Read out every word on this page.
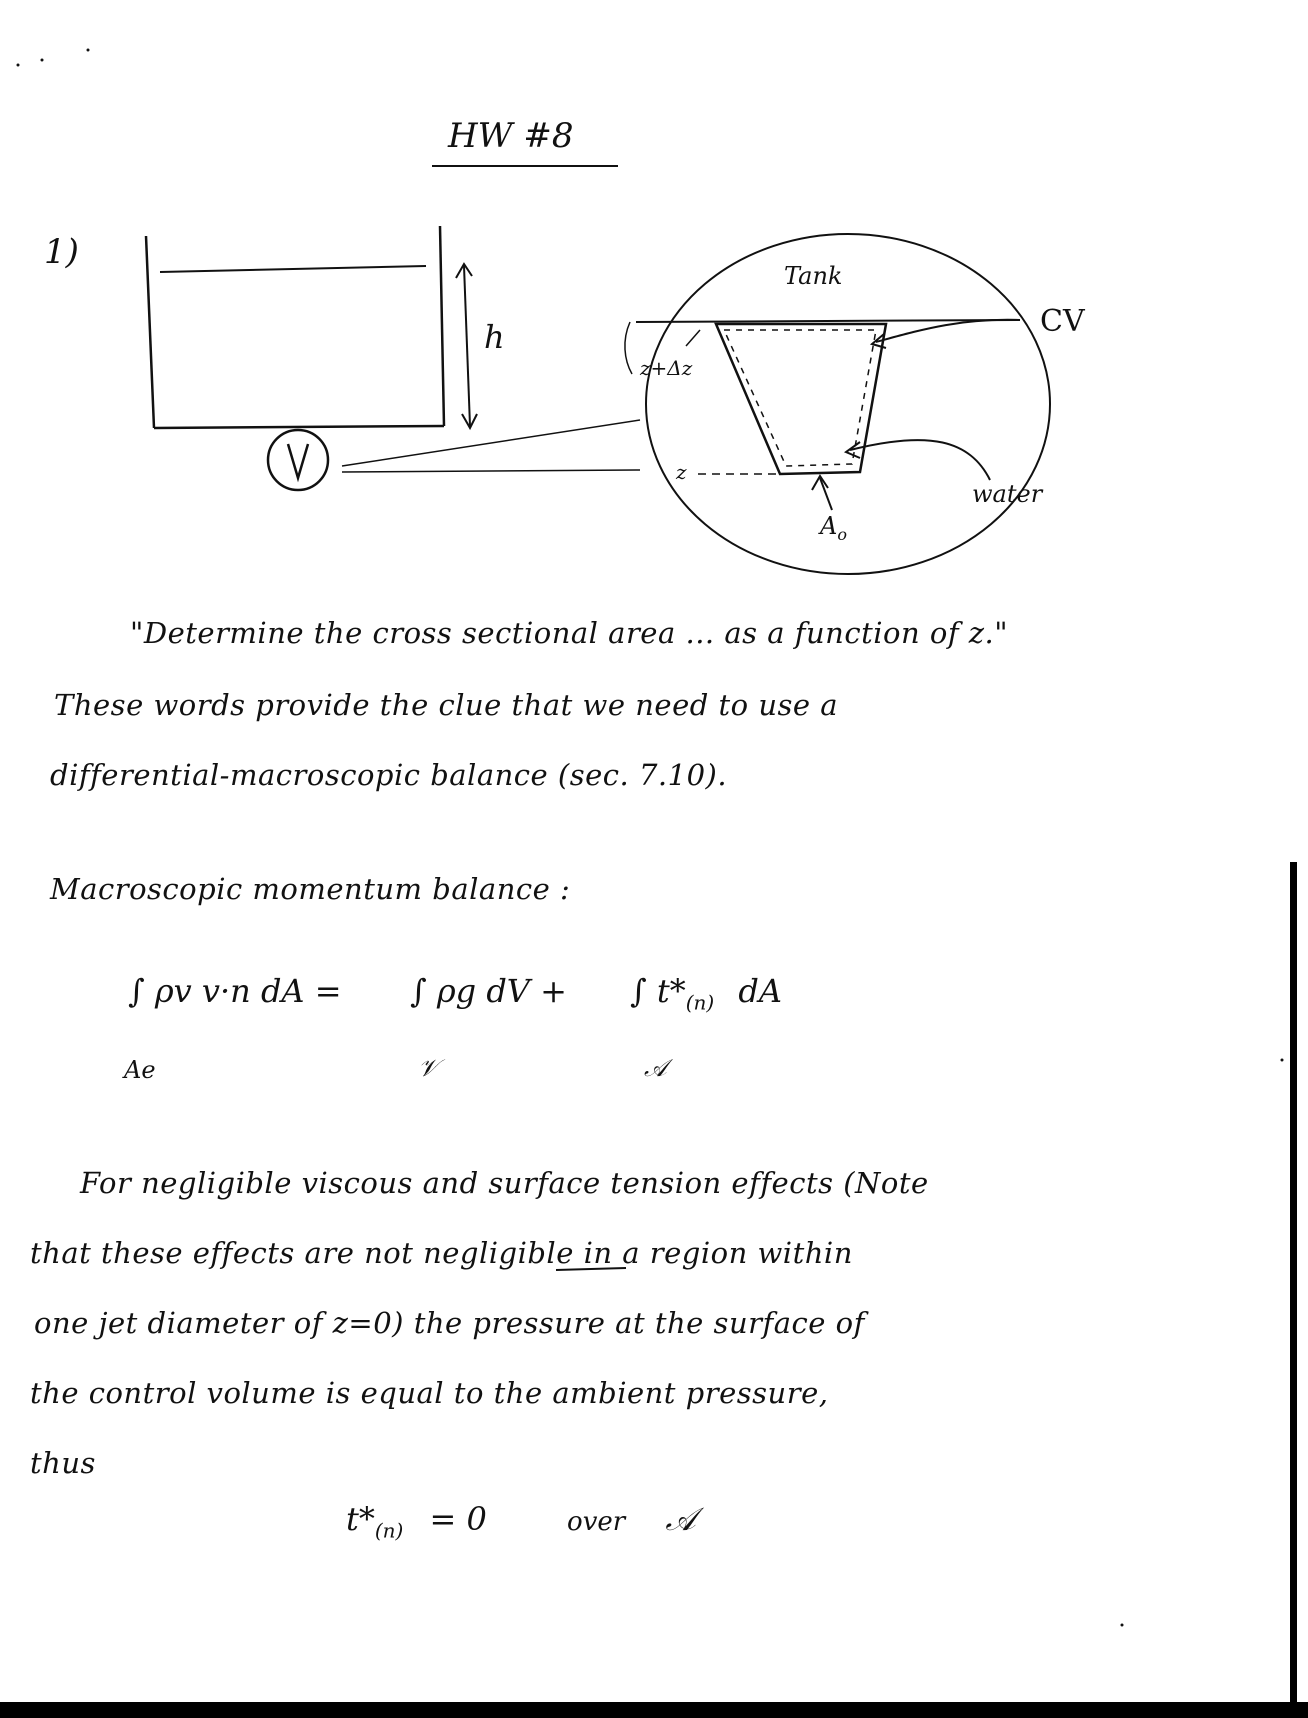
HW #8
1)
h
Tank
CV
z+Δz
z
water
$A_o$
"Determine the cross sectional area ... as a function of z."
These words provide the clue that we need to use a
differential-macroscopic balance (sec. 7.10).
Macroscopic momentum balance :
∫ ρv v·n dA =
Ae
∫ ρg dV +
𝒱
∫ $t*_{(n)}$ dA
𝒜
For negligible viscous and surface tension effects (Note
that these effects are not negligible in a region within
one jet diameter of z=0) the pressure at the surface of
the control volume is equal to the ambient pressure,
thus
$t*_{(n)} = 0$	over 𝒜
